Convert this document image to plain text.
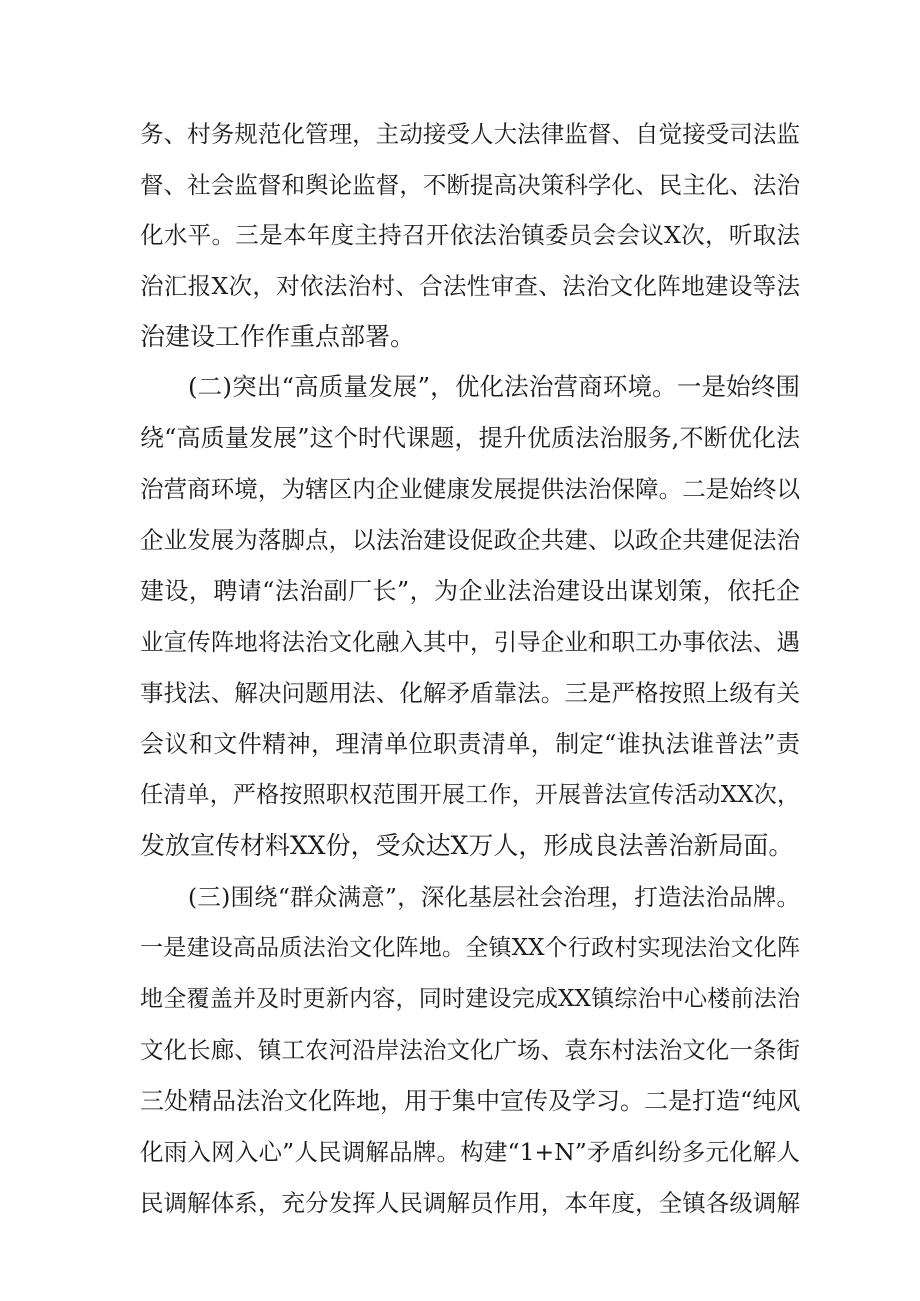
务、村务规范化管理，主动接受人大法律监督、自觉接受司法监
督、社会监督和舆论监督，不断提高决策科学化、民主化、法治
化水平。三是本年度主持召开依法治镇委员会会议X次，听取法
治汇报X次，对依法治村、合法性审查、法治文化阵地建设等法
治建设工作作重点部署。
(二)突出“高质量发展”，优化法治营商环境。一是始终围
绕“高质量发展”这个时代课题，提升优质法治服务,不断优化法
治营商环境，为辖区内企业健康发展提供法治保障。二是始终以
企业发展为落脚点，以法治建设促政企共建、以政企共建促法治
建设，聘请“法治副厂长”，为企业法治建设出谋划策，依托企
业宣传阵地将法治文化融入其中，引导企业和职工办事依法、遇
事找法、解决问题用法、化解矛盾靠法。三是严格按照上级有关
会议和文件精神，理清单位职责清单，制定“谁执法谁普法”责
任清单，严格按照职权范围开展工作，开展普法宣传活动XX次，
发放宣传材料XX份，受众达X万人，形成良法善治新局面。
(三)围绕“群众满意”，深化基层社会治理，打造法治品牌。
一是建设高品质法治文化阵地。全镇XX个行政村实现法治文化阵
地全覆盖并及时更新内容，同时建设完成XX镇综治中心楼前法治
文化长廊、镇工农河沿岸法治文化广场、袁东村法治文化一条街
三处精品法治文化阵地，用于集中宣传及学习。二是打造“纯风
化雨入网入心”人民调解品牌。构建“1+N”矛盾纠纷多元化解人
民调解体系，充分发挥人民调解员作用，本年度，全镇各级调解
